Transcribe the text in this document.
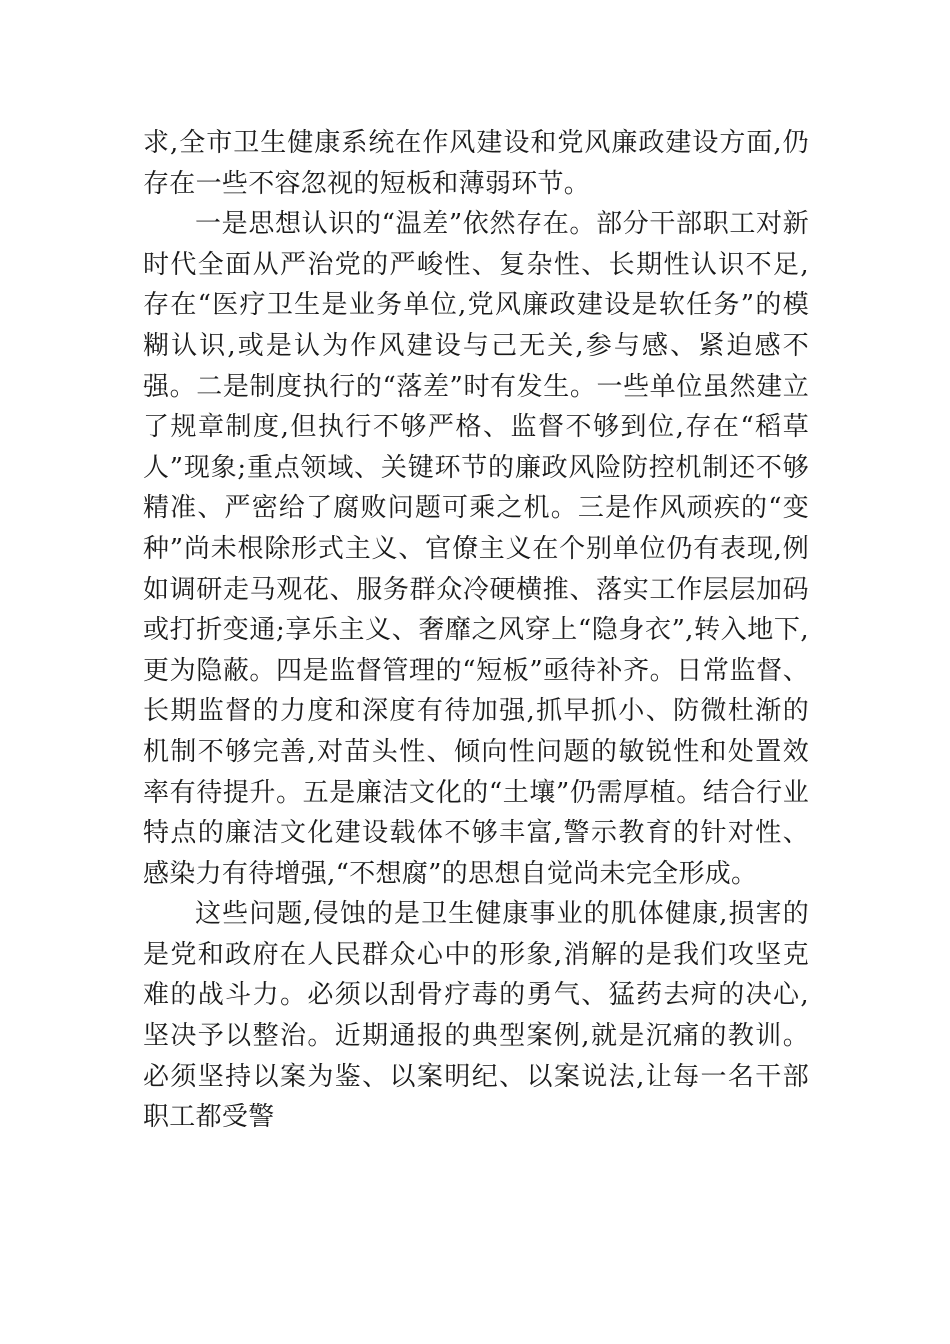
求,全市卫生健康系统在作风建设和党风廉政建设方面,仍存在一些不容忽视的短板和薄弱环节。

一是思想认识的“温差”依然存在。部分干部职工对新时代全面从严治党的严峻性、复杂性、长期性认识不足,存在“医疗卫生是业务单位,党风廉政建设是软任务”的模糊认识,或是认为作风建设与己无关,参与感、紧迫感不强。二是制度执行的“落差”时有发生。一些单位虽然建立了规章制度,但执行不够严格、监督不够到位,存在“稻草人”现象;重点领域、关键环节的廉政风险防控机制还不够精准、严密给了腐败问题可乘之机。三是作风顽疾的“变种”尚未根除形式主义、官僚主义在个别单位仍有表现,例如调研走马观花、服务群众冷硬横推、落实工作层层加码或打折变通;享乐主义、奢靡之风穿上“隐身衣”,转入地下,更为隐蔽。四是监督管理的“短板”亟待补齐。日常监督、长期监督的力度和深度有待加强,抓早抓小、防微杜渐的机制不够完善,对苗头性、倾向性问题的敏锐性和处置效率有待提升。五是廉洁文化的“土壤”仍需厚植。结合行业特点的廉洁文化建设载体不够丰富,警示教育的针对性、感染力有待增强,“不想腐”的思想自觉尚未完全形成。

这些问题,侵蚀的是卫生健康事业的肌体健康,损害的是党和政府在人民群众心中的形象,消解的是我们攻坚克难的战斗力。必须以刮骨疗毒的勇气、猛药去疴的决心,坚决予以整治。近期通报的典型案例,就是沉痛的教训。必须坚持以案为鉴、以案明纪、以案说法,让每一名干部职工都受警
